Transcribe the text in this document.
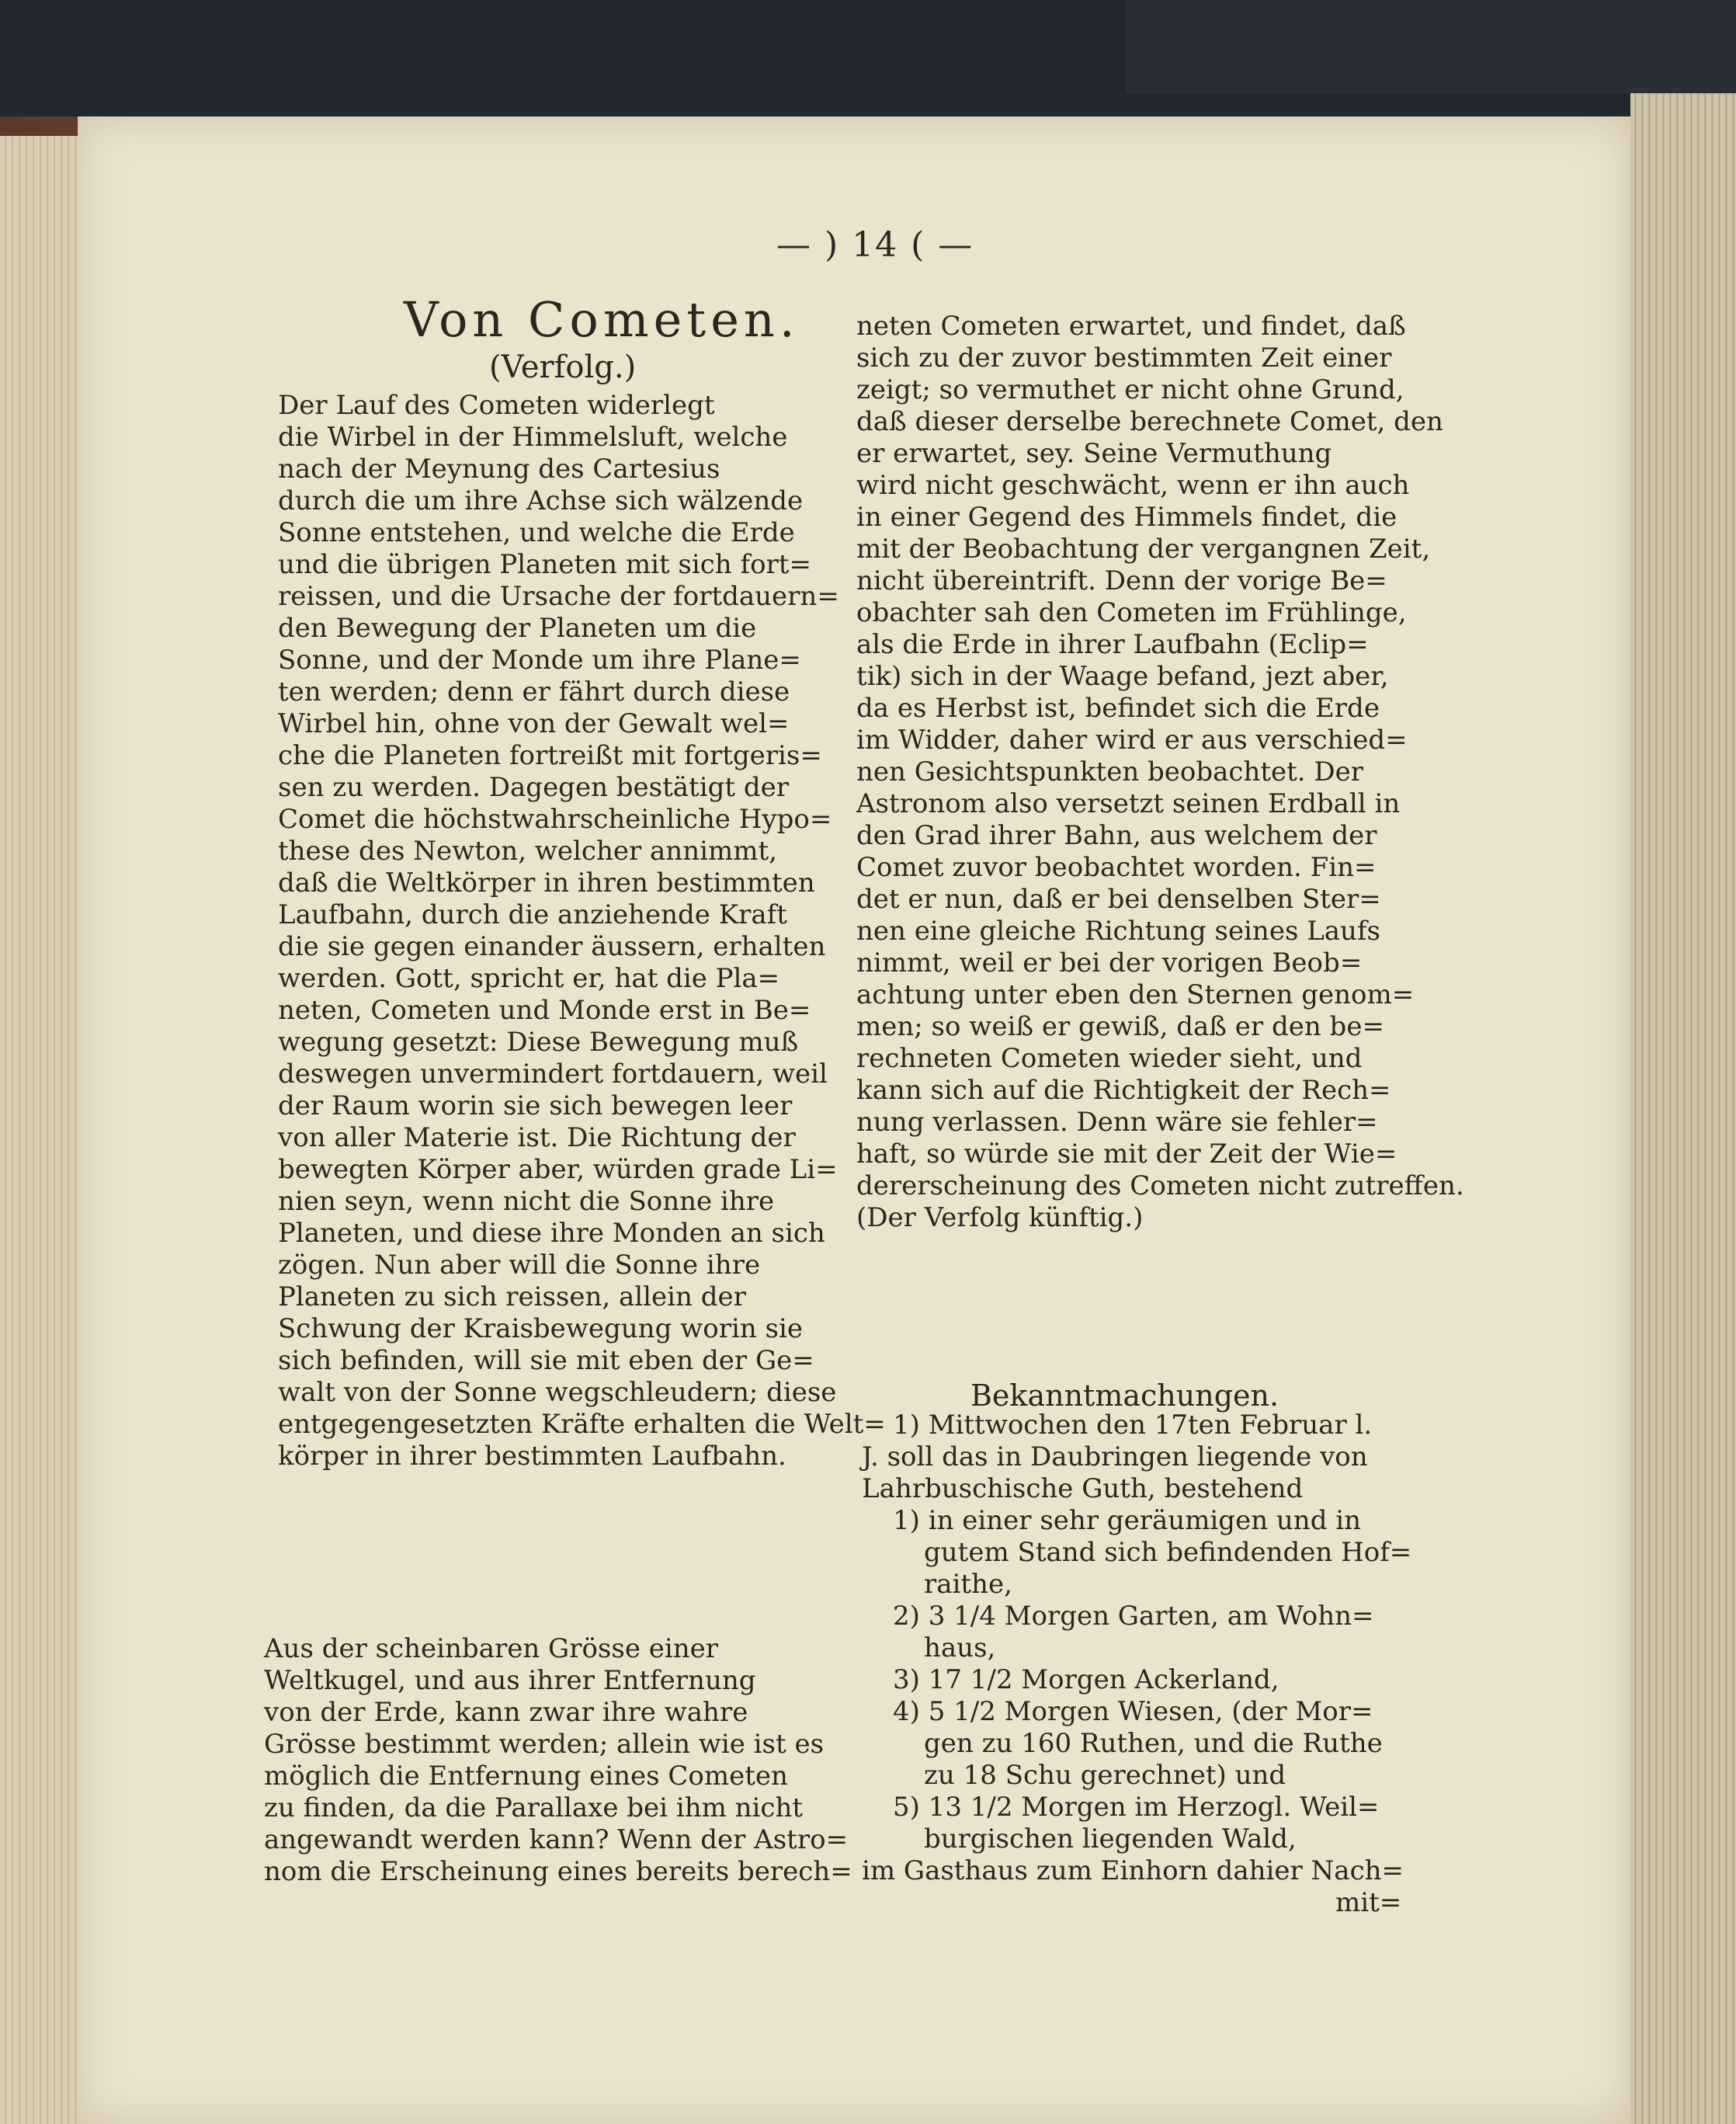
— ) 14 ( —
Von Cometen.
(Verfolg.)
Der Lauf des Cometen widerlegt
die Wirbel in der Himmelsluft, welche
nach der Meynung des Cartesius
durch die um ihre Achse sich wälzende
Sonne entstehen, und welche die Erde
und die übrigen Planeten mit sich fort=
reissen, und die Ursache der fortdauern=
den Bewegung der Planeten um die
Sonne, und der Monde um ihre Plane=
ten werden; denn er fährt durch diese
Wirbel hin, ohne von der Gewalt wel=
che die Planeten fortreißt mit fortgeris=
sen zu werden. Dagegen bestätigt der
Comet die höchstwahrscheinliche Hypo=
these des Newton, welcher annimmt,
daß die Weltkörper in ihren bestimmten
Laufbahn, durch die anziehende Kraft
die sie gegen einander äussern, erhalten
werden. Gott, spricht er, hat die Pla=
neten, Cometen und Monde erst in Be=
wegung gesetzt: Diese Bewegung muß
deswegen unvermindert fortdauern, weil
der Raum worin sie sich bewegen leer
von aller Materie ist. Die Richtung der
bewegten Körper aber, würden grade Li=
nien seyn, wenn nicht die Sonne ihre
Planeten, und diese ihre Monden an sich
zögen. Nun aber will die Sonne ihre
Planeten zu sich reissen, allein der
Schwung der Kraisbewegung worin sie
sich befinden, will sie mit eben der Ge=
walt von der Sonne wegschleudern; diese
entgegengesetzten Kräfte erhalten die Welt=
körper in ihrer bestimmten Laufbahn.
Aus der scheinbaren Grösse einer
Weltkugel, und aus ihrer Entfernung
von der Erde, kann zwar ihre wahre
Grösse bestimmt werden; allein wie ist es
möglich die Entfernung eines Cometen
zu finden, da die Parallaxe bei ihm nicht
angewandt werden kann? Wenn der Astro=
nom die Erscheinung eines bereits berech=
neten Cometen erwartet, und findet, daß
sich zu der zuvor bestimmten Zeit einer
zeigt; so vermuthet er nicht ohne Grund,
daß dieser derselbe berechnete Comet, den
er erwartet, sey. Seine Vermuthung
wird nicht geschwächt, wenn er ihn auch
in einer Gegend des Himmels findet, die
mit der Beobachtung der vergangnen Zeit,
nicht übereintrift. Denn der vorige Be=
obachter sah den Cometen im Frühlinge,
als die Erde in ihrer Laufbahn (Eclip=
tik) sich in der Waage befand, jezt aber,
da es Herbst ist, befindet sich die Erde
im Widder, daher wird er aus verschied=
nen Gesichtspunkten beobachtet. Der
Astronom also versetzt seinen Erdball in
den Grad ihrer Bahn, aus welchem der
Comet zuvor beobachtet worden. Fin=
det er nun, daß er bei denselben Ster=
nen eine gleiche Richtung seines Laufs
nimmt, weil er bei der vorigen Beob=
achtung unter eben den Sternen genom=
men; so weiß er gewiß, daß er den be=
rechneten Cometen wieder sieht, und
kann sich auf die Richtigkeit der Rech=
nung verlassen. Denn wäre sie fehler=
haft, so würde sie mit der Zeit der Wie=
dererscheinung des Cometen nicht zutreffen.
(Der Verfolg künftig.)
Bekanntmachungen.
1) Mittwochen den 17ten Februar l.
J. soll das in Daubringen liegende von
Lahrbuschische Guth, bestehend
1) in einer sehr geräumigen und in
gutem Stand sich befindenden Hof=
raithe,
2) 3 1/4 Morgen Garten, am Wohn=
haus,
3) 17 1/2 Morgen Ackerland,
4) 5 1/2 Morgen Wiesen, (der Mor=
gen zu 160 Ruthen, und die Ruthe
zu 18 Schu gerechnet) und
5) 13 1/2 Morgen im Herzogl. Weil=
burgischen liegenden Wald,
im Gasthaus zum Einhorn dahier Nach=
mit=
